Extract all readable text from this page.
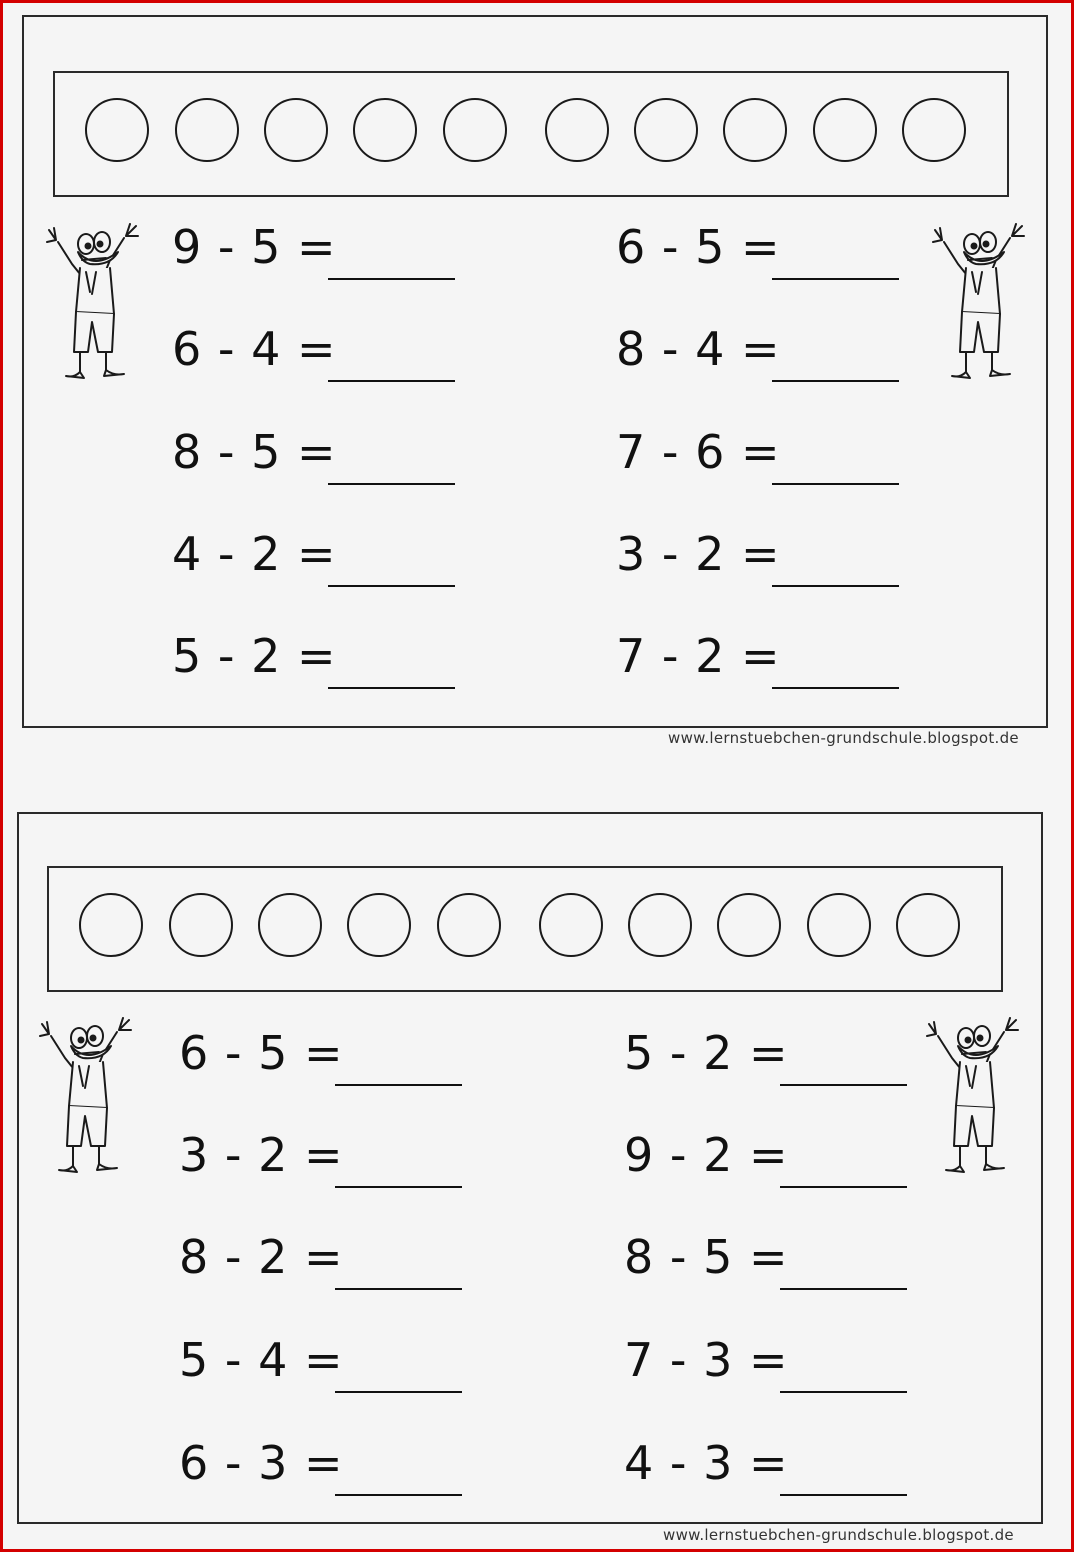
9 - 5 =
6 - 4 =
8 - 5 =
4 - 2 =
5 - 2 =
6 - 5 =
8 - 4 =
7 - 6 =
3 - 2 =
7 - 2 =
www.lernstuebchen-grundschule.blogspot.de
6 - 5 =
3 - 2 =
8 - 2 =
5 - 4 =
6 - 3 =
5 - 2 =
9 - 2 =
8 - 5 =
7 - 3 =
4 - 3 =
www.lernstuebchen-grundschule.blogspot.de
